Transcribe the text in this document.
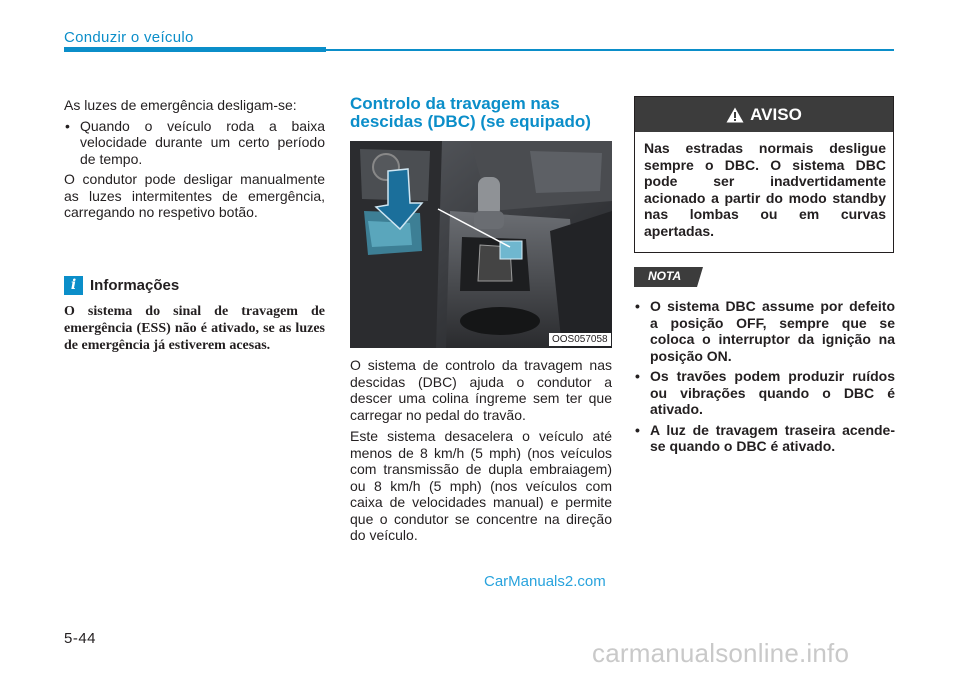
Conduzir o veículo

As luzes de emergência desligam-se:

• Quando o veículo roda a baixa velocidade durante um certo período de tempo.

O condutor pode desligar manualmente as luzes intermitentes de emergência, carregando no respetivo botão.

i Informações

O sistema do sinal de travagem de emergência (ESS) não é ativado, se as luzes de emergência já estiverem acesas.

Controlo da travagem nas descidas (DBC) (se equipado)
OOS057058

O sistema de controlo da travagem nas descidas (DBC) ajuda o condutor a descer uma colina íngreme sem ter que carregar no pedal do travão.

Este sistema desacelera o veículo até menos de 8 km/h (5 mph) (nos veículos com transmissão de dupla embraiagem) ou 8 km/h (5 mph) (nos veículos com caixa de velocidades manual) e permite que o condutor se concentre na direção do veículo.

AVISO

Nas estradas normais desligue sempre o DBC. O sistema DBC pode ser inadvertidamente acionado a partir do modo standby nas lombas ou em curvas apertadas.

NOTA

• O sistema DBC assume por defeito a posição OFF, sempre que se coloca o interruptor da ignição na posição ON.

• Os travões podem produzir ruídos ou vibrações quando o DBC é ativado.

• A luz de travagem traseira acende-se quando o DBC é ativado.

CarManuals2.com
5-44	carmanualsonline.info
